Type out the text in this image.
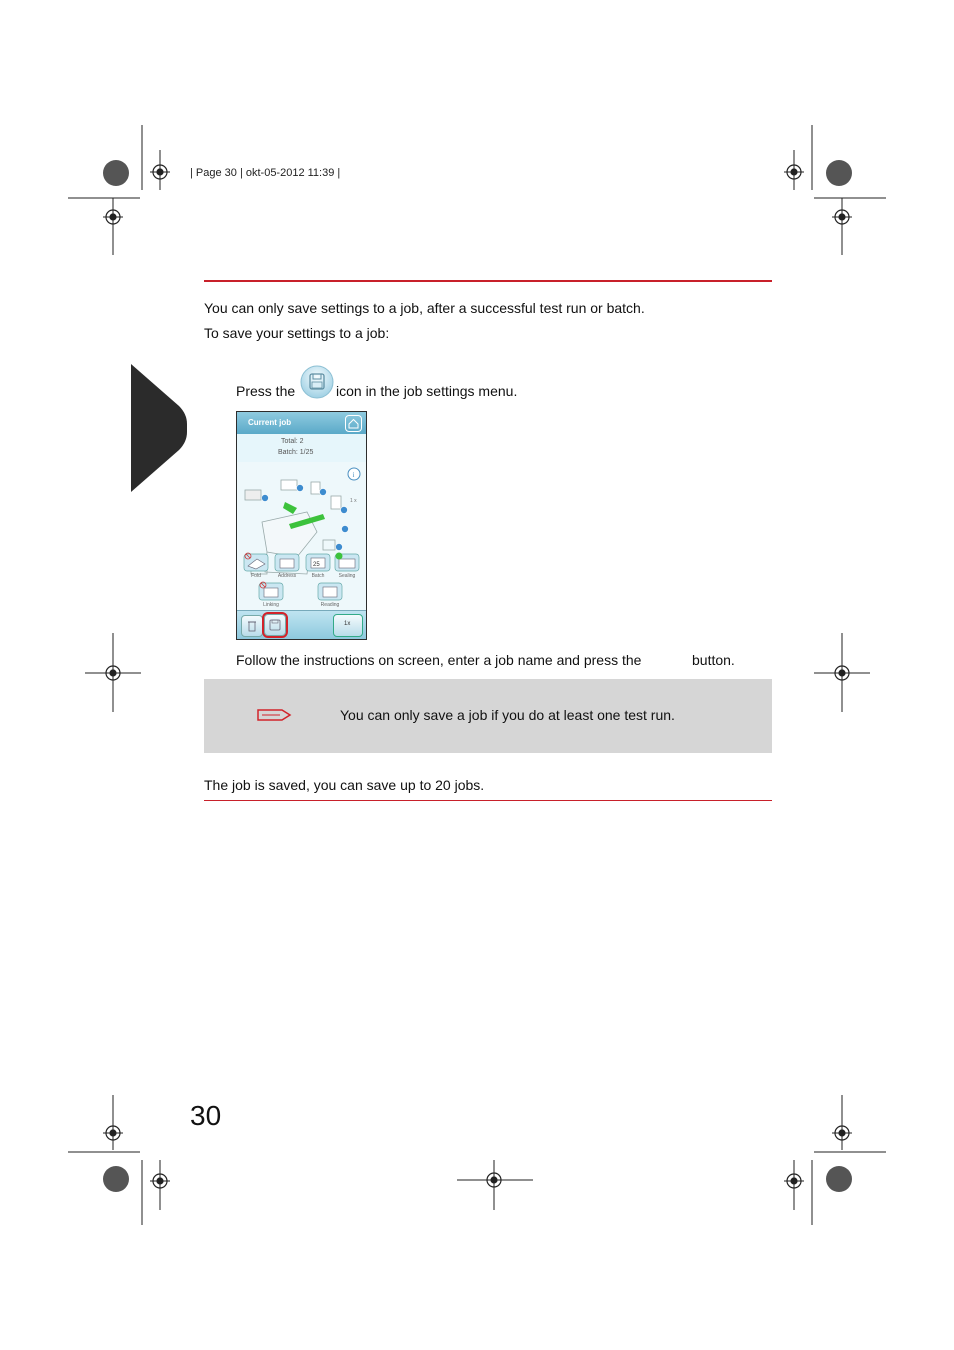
| Page 30 | okt-05-2012 11:39 |
You can only save settings to a job, after a successful test run or batch.
To save your settings to a job:
Press the	icon in the job settings menu.
Current job
Total: 2
Batch: 1/25
i
1 x
25
Fold	Address	Batch	Sealing
Linking	Reading
1x
Follow the instructions on screen, enter a job name and press the	button.
You can only save a job if you do at least one test run.
The job is saved, you can save up to 20 jobs.
30
